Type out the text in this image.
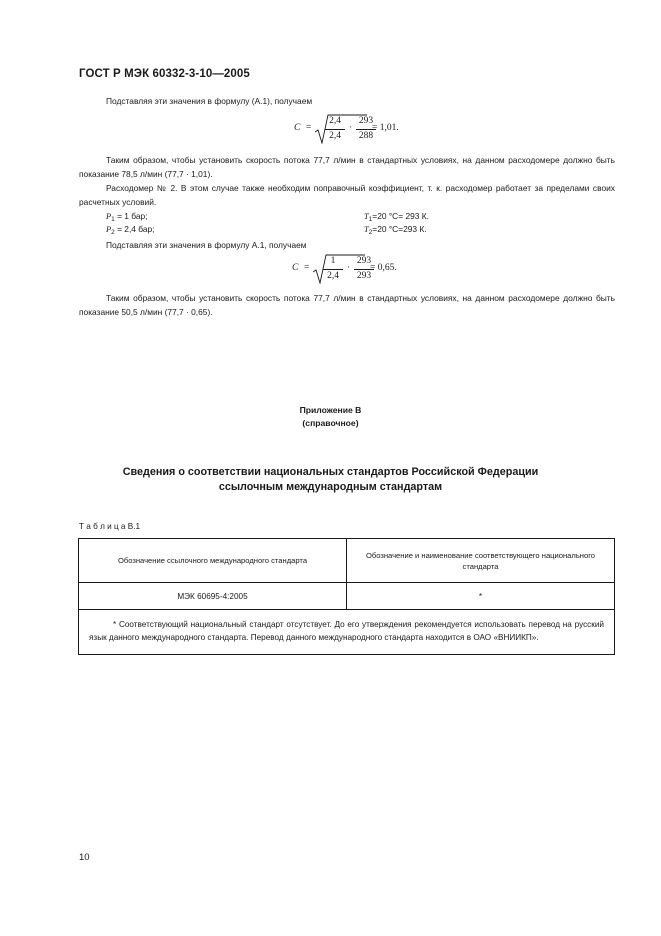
ГОСТ Р МЭК 60332-3-10—2005
Подставляя эти значения в формулу (А.1), получаем
C =
2,4
2,4
·
293
288
= 1,01.
Таким образом, чтобы установить скорость потока 77,7 л/мин в стандартных условиях, на данном расходомере должно быть показание 78,5 л/мин (77,7 · 1,01).
Расходомер № 2. В этом случае также необходим поправочный коэффициент, т. к. расходомер работает за пределами своих расчетных условий.
$P_1 = 1$ бар;	$T_1=20$ °С= 293 К.
$P_2 = 2,4$ бар;	$T_2=20$ °С=293 К.
Подставляя эти значения в формулу А.1, получаем
C =
1
2,4
·
293
293
= 0,65.
Таким образом, чтобы установить скорость потока 77,7 л/мин в стандартных условиях, на данном расходомере должно быть показание 50,5 л/мин (77,7 · 0,65).
Приложение В
(справочное)
Сведения о соответствии национальных стандартов Российской Федерации
ссылочным международным стандартам
Т а б л и ц а В.1
Обозначение ссылочного международного стандарта	Обозначение и наименование соответствующего национального стандарта
МЭК 60695-4:2005	*
* Соответствующий национальный стандарт отсутствует. До его утверждения рекомендуется использовать перевод на русский язык данного международного стандарта. Перевод данного международного стандарта находится в ОАО «ВНИИКП».	
10
